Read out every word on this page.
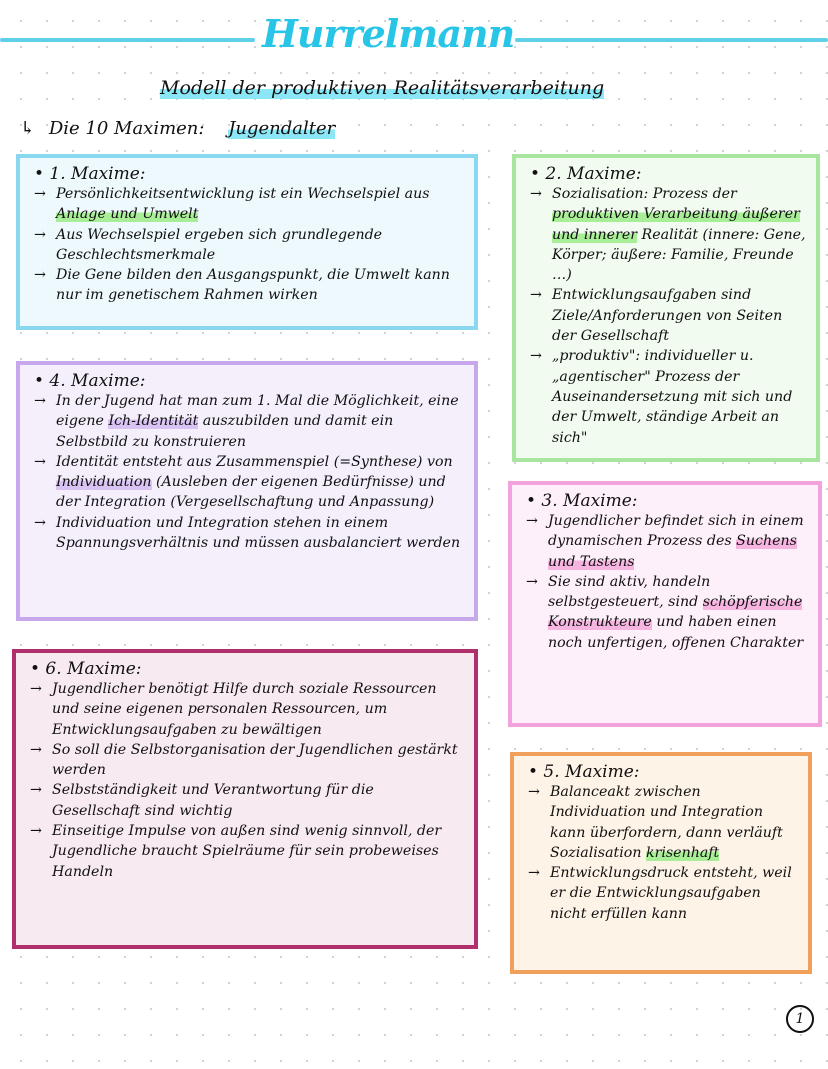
Hurrelmann
Modell der produktiven Realitätsverarbeitung
↳ Die 10 Maximen: Jugendalter
• 1. Maxime:
→ Persönlichkeitsentwicklung ist ein Wechselspiel aus Anlage und Umwelt
→ Aus Wechselspiel ergeben sich grundlegende Geschlechtsmerkmale
→ Die Gene bilden den Ausgangspunkt, die Umwelt kann nur im genetischem Rahmen wirken
• 2. Maxime:
→ Sozialisation: Prozess der produktiven Verarbeitung äußerer und innerer Realität (innere: Gene, Körper; äußere: Familie, Freunde …)
→ Entwicklungsaufgaben sind Ziele/Anforderungen von Seiten der Gesellschaft
→ „produktiv": individueller u. „agentischer" Prozess der Auseinandersetzung mit sich und der Umwelt, ständige Arbeit an sich"
• 4. Maxime:
→ In der Jugend hat man zum 1. Mal die Möglichkeit, eine eigene Ich-Identität auszubilden und damit ein Selbstbild zu konstruieren
→ Identität entsteht aus Zusammenspiel (=Synthese) von Individuation (Ausleben der eigenen Bedürfnisse) und der Integration (Vergesellschaftung und Anpassung)
→ Individuation und Integration stehen in einem Spannungsverhältnis und müssen ausbalanciert werden
• 3. Maxime:
→ Jugendlicher befindet sich in einem dynamischen Prozess des Suchens und Tastens
→ Sie sind aktiv, handeln selbstgesteuert, sind schöpferische Konstrukteure und haben einen noch unfertigen, offenen Charakter
• 6. Maxime:
→ Jugendlicher benötigt Hilfe durch soziale Ressourcen und seine eigenen personalen Ressourcen, um Entwicklungsaufgaben zu bewältigen
→ So soll die Selbstorganisation der Jugendlichen gestärkt werden
→ Selbstständigkeit und Verantwortung für die Gesellschaft sind wichtig
→ Einseitige Impulse von außen sind wenig sinnvoll, der Jugendliche braucht Spielräume für sein probeweises Handeln
• 5. Maxime:
→ Balanceakt zwischen Individuation und Integration kann überfordern, dann verläuft Sozialisation krisenhaft
→ Entwicklungsdruck entsteht, weil er die Entwicklungsaufgaben nicht erfüllen kann
1
